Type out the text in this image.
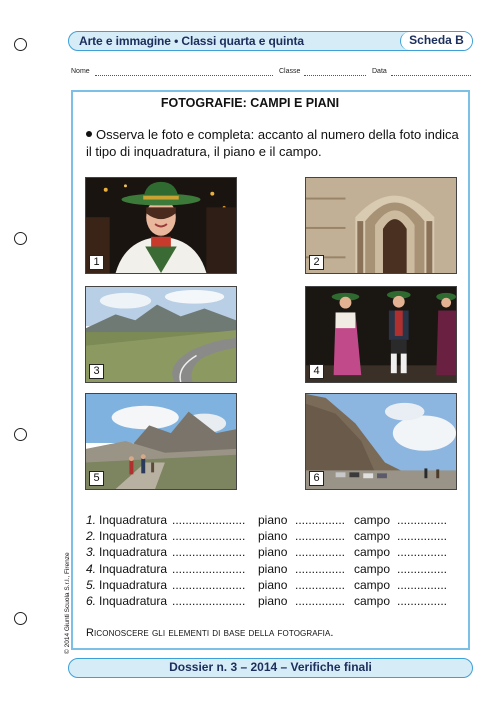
Arte e immagine • Classi quarta e quinta	Scheda B
Nome	Classe	Data
FOTOGRAFIE: CAMPI E PIANI
Osserva le foto e completa: accanto al numero della foto indica il tipo di inquadratura, il piano e il campo.
1	2
3	4
5	6
1. Inquadratura ...................... piano ............... campo ...............
2. Inquadratura ...................... piano ............... campo ...............
3. Inquadratura ...................... piano ............... campo ...............
4. Inquadratura ...................... piano ............... campo ...............
5. Inquadratura ...................... piano ............... campo ...............
6. Inquadratura ...................... piano ............... campo ...............
Riconoscere gli elementi di base della fotografia.
© 2014 Giunti Scuola S.r.l., Firenze
Dossier n. 3 – 2014 – Verifiche finali
